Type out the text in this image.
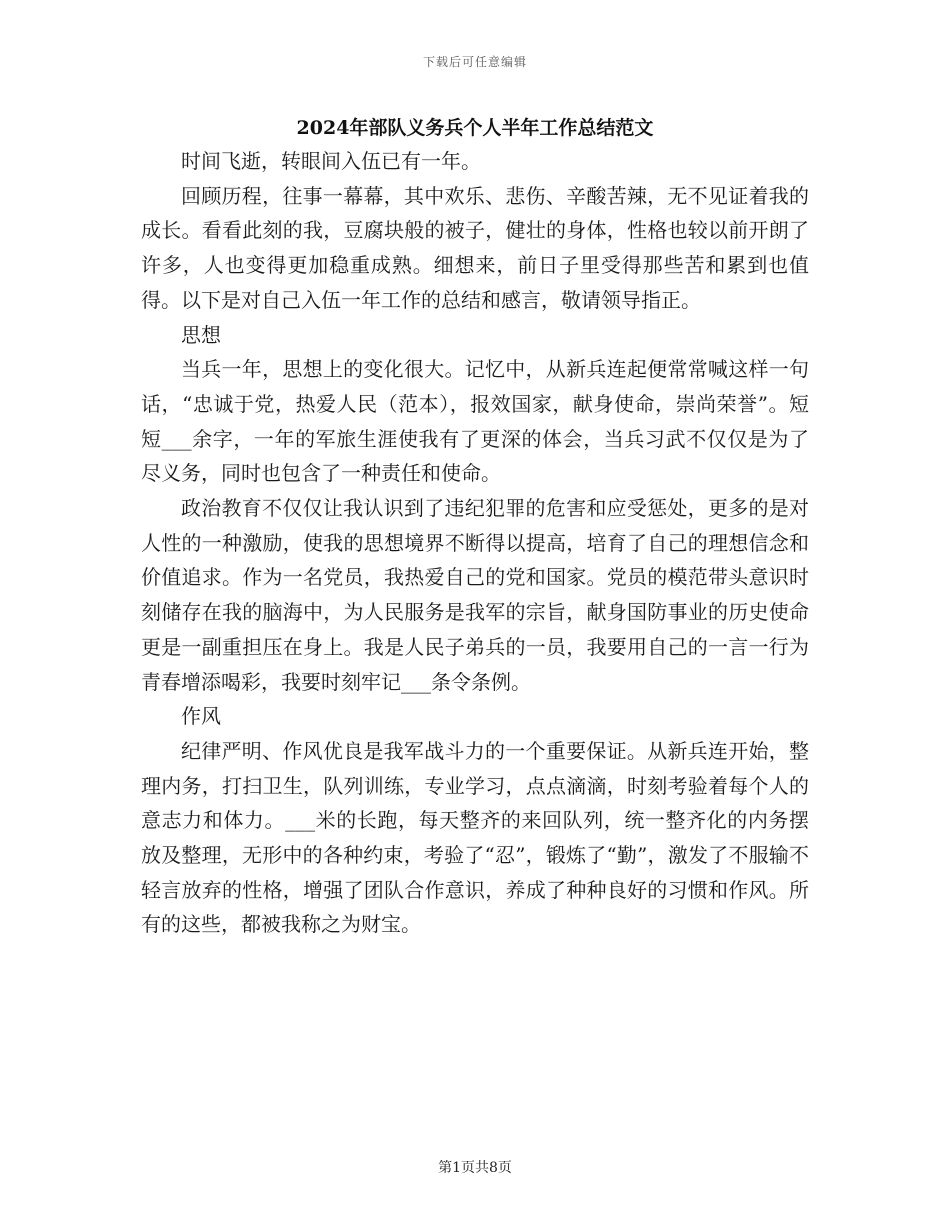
下载后可任意编辑
2024年部队义务兵个人半年工作总结范文

时间飞逝，转眼间入伍已有一年。

回顾历程，往事一幕幕，其中欢乐、悲伤、辛酸苦辣，无不见证着我的成长。看看此刻的我，豆腐块般的被子，健壮的身体，性格也较以前开朗了许多，人也变得更加稳重成熟。细想来，前日子里受得那些苦和累到也值得。以下是对自己入伍一年工作的总结和感言，敬请领导指正。

思想

当兵一年，思想上的变化很大。记忆中，从新兵连起便常常喊这样一句话，“忠诚于党，热爱人民（范本），报效国家，献身使命，崇尚荣誉”。短短___余字，一年的军旅生涯使我有了更深的体会，当兵习武不仅仅是为了尽义务，同时也包含了一种责任和使命。

政治教育不仅仅让我认识到了违纪犯罪的危害和应受惩处，更多的是对人性的一种激励，使我的思想境界不断得以提高，培育了自己的理想信念和价值追求。作为一名党员，我热爱自己的党和国家。党员的模范带头意识时刻储存在我的脑海中，为人民服务是我军的宗旨，献身国防事业的历史使命更是一副重担压在身上。我是人民子弟兵的一员，我要用自己的一言一行为青春增添喝彩，我要时刻牢记___条令条例。

作风

纪律严明、作风优良是我军战斗力的一个重要保证。从新兵连开始，整理内务，打扫卫生，队列训练，专业学习，点点滴滴，时刻考验着每个人的意志力和体力。___米的长跑，每天整齐的来回队列，统一整齐化的内务摆放及整理，无形中的各种约束，考验了“忍”，锻炼了“勤”，激发了不服输不轻言放弃的性格，增强了团队合作意识，养成了种种良好的习惯和作风。所有的这些，都被我称之为财宝。

第1页共8页
